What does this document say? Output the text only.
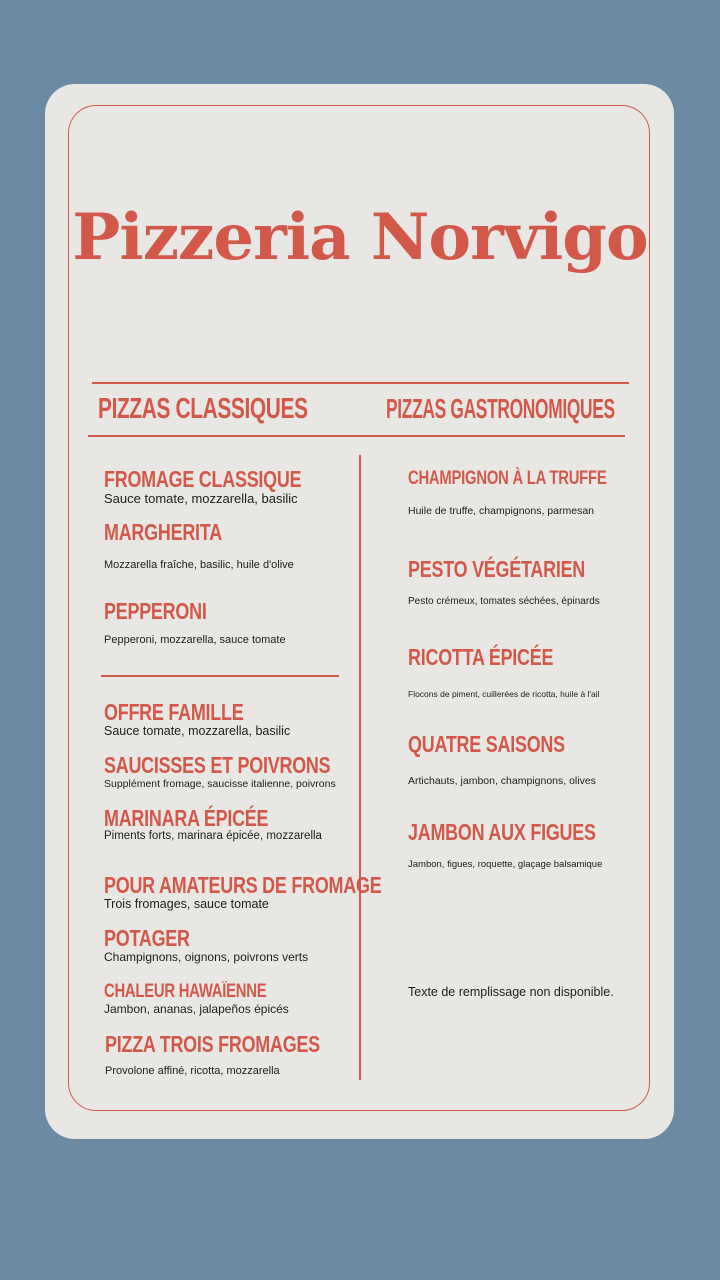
Pizzeria Norvigo
PIZZAS CLASSIQUES	PIZZAS GASTRONOMIQUES
FROMAGE CLASSIQUE
Sauce tomate, mozzarella, basilic
MARGHERITA
Mozzarella fraîche, basilic, huile d'olive
PEPPERONI
Pepperoni, mozzarella, sauce tomate
OFFRE FAMILLE
Sauce tomate, mozzarella, basilic
SAUCISSES ET POIVRONS
Supplément fromage, saucisse italienne, poivrons
MARINARA ÉPICÉE
Piments forts, marinara épicée, mozzarella
POUR AMATEURS DE FROMAGE
Trois fromages, sauce tomate
POTAGER
Champignons, oignons, poivrons verts
CHALEUR HAWAÏENNE
Jambon, ananas, jalapeños épicés
PIZZA TROIS FROMAGES
Provolone affiné, ricotta, mozzarella
CHAMPIGNON À LA TRUFFE
Huile de truffe, champignons, parmesan
PESTO VÉGÉTARIEN
Pesto crémeux, tomates séchées, épinards
RICOTTA ÉPICÉE
Flocons de piment, cuillerées de ricotta, huile à l'ail
QUATRE SAISONS
Artichauts, jambon, champignons, olives
JAMBON AUX FIGUES
Jambon, figues, roquette, glaçage balsamique
Texte de remplissage non disponible.
